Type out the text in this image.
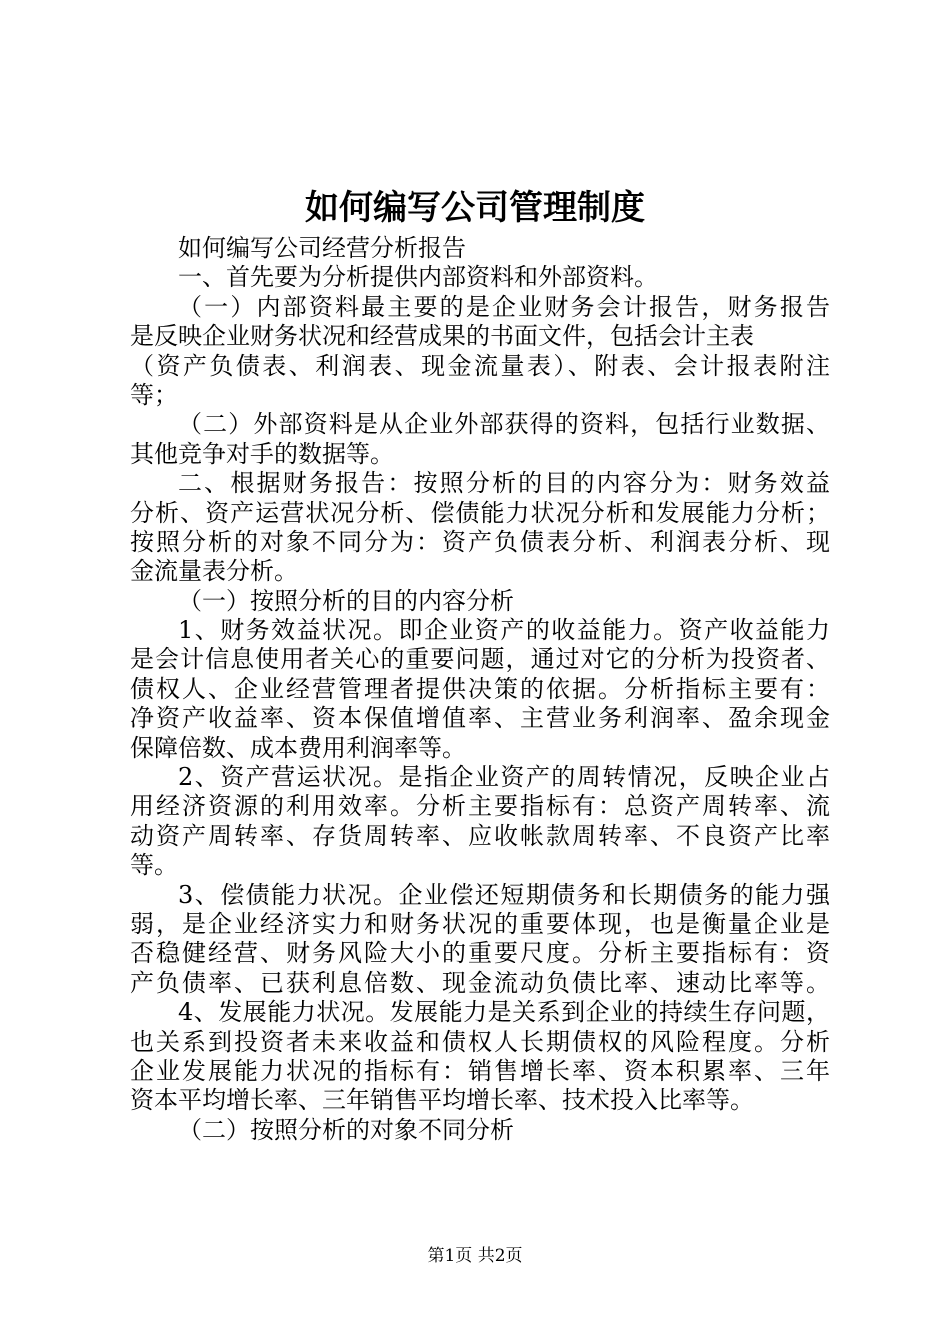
如何编写公司管理制度
如何编写公司经营分析报告
一、首先要为分析提供内部资料和外部资料。
（一）内部资料最主要的是企业财务会计报告，财务报告
是反映企业财务状况和经营成果的书面文件，包括会计主表
（资产负债表、利润表、现金流量表）、附表、会计报表附注
等；
（二）外部资料是从企业外部获得的资料，包括行业数据、
其他竞争对手的数据等。
二、根据财务报告：按照分析的目的内容分为：财务效益
分析、资产运营状况分析、偿债能力状况分析和发展能力分析；
按照分析的对象不同分为：资产负债表分析、利润表分析、现
金流量表分析。
（一）按照分析的目的内容分析
1、财务效益状况。即企业资产的收益能力。资产收益能力
是会计信息使用者关心的重要问题，通过对它的分析为投资者、
债权人、企业经营管理者提供决策的依据。分析指标主要有：
净资产收益率、资本保值增值率、主营业务利润率、盈余现金
保障倍数、成本费用利润率等。
2、资产营运状况。是指企业资产的周转情况，反映企业占
用经济资源的利用效率。分析主要指标有：总资产周转率、流
动资产周转率、存货周转率、应收帐款周转率、不良资产比率
等。
3、偿债能力状况。企业偿还短期债务和长期债务的能力强
弱，是企业经济实力和财务状况的重要体现，也是衡量企业是
否稳健经营、财务风险大小的重要尺度。分析主要指标有：资
产负债率、已获利息倍数、现金流动负债比率、速动比率等。
4、发展能力状况。发展能力是关系到企业的持续生存问题，
也关系到投资者未来收益和债权人长期债权的风险程度。分析
企业发展能力状况的指标有：销售增长率、资本积累率、三年
资本平均增长率、三年销售平均增长率、技术投入比率等。
（二）按照分析的对象不同分析
第1页 共2页
